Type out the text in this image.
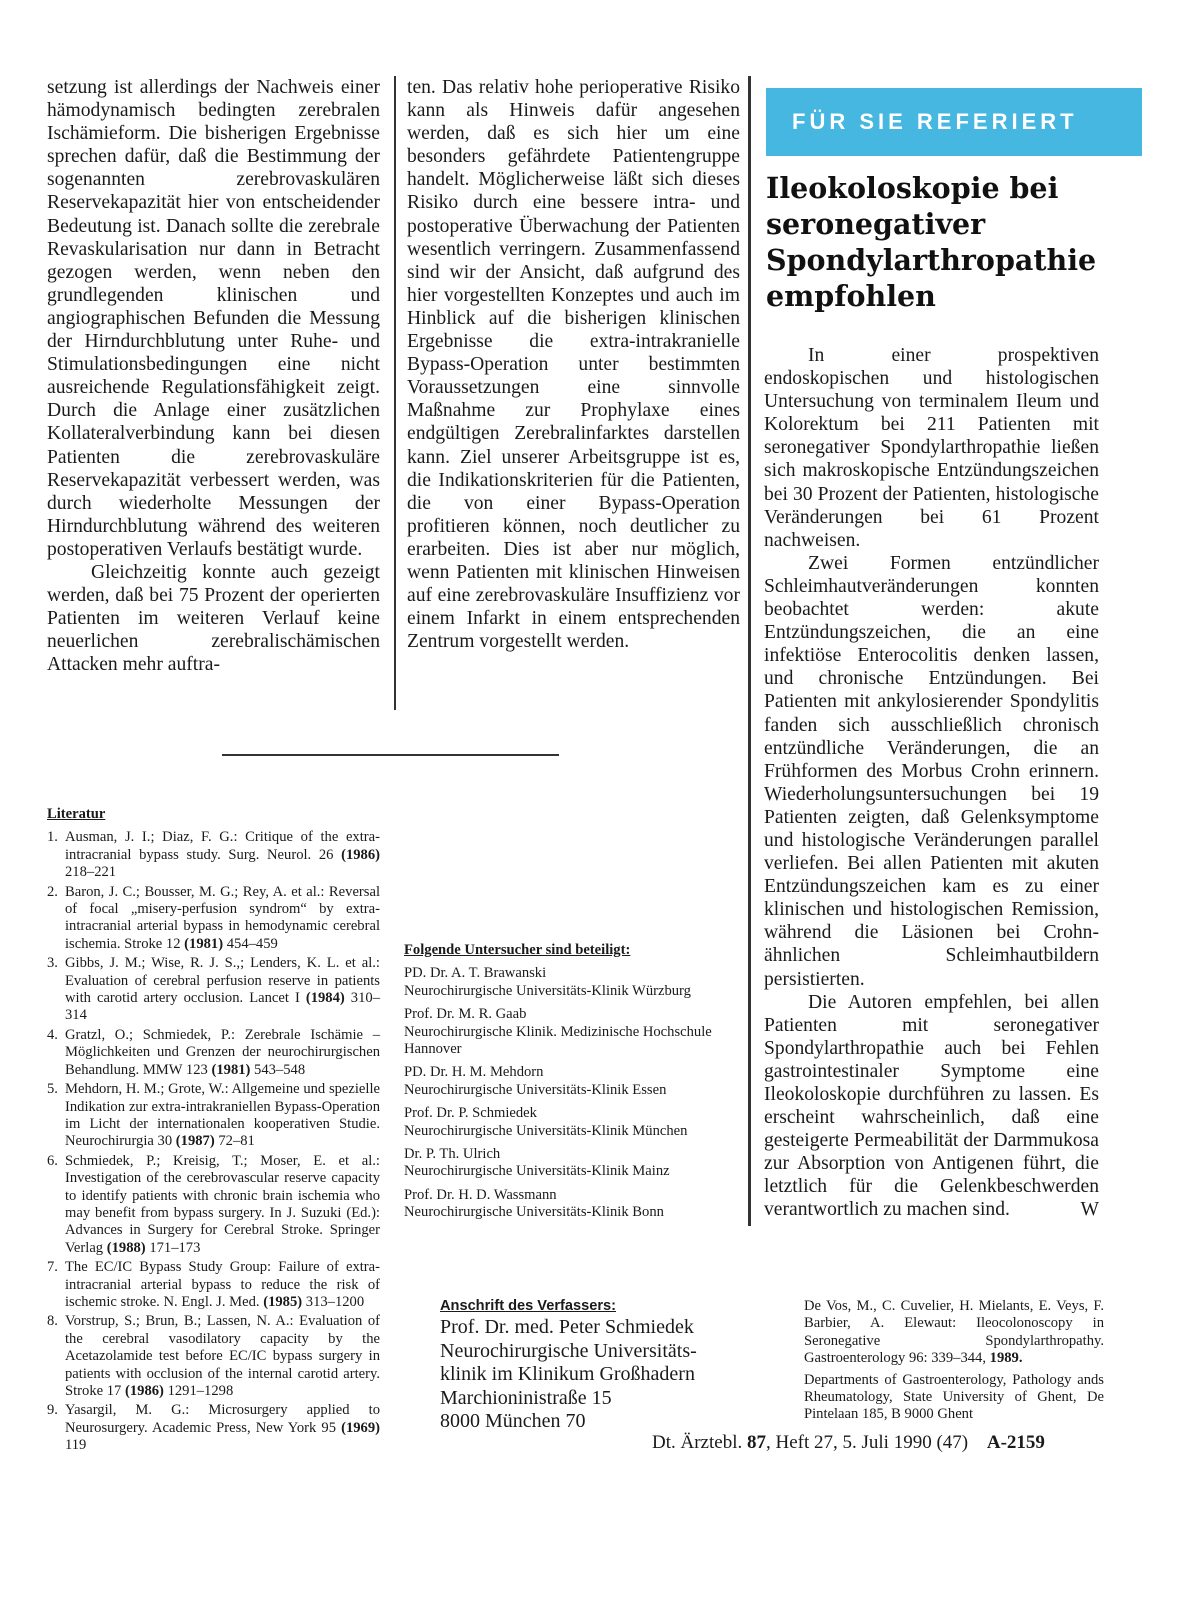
setzung ist allerdings der Nachweis einer hämodynamisch bedingten zerebralen Ischämieform. Die bisherigen Ergebnisse sprechen dafür, daß die Bestimmung der sogenannten zerebrovaskulären Reservekapazität hier von entscheidender Bedeutung ist. Danach sollte die zerebrale Revaskularisation nur dann in Betracht gezogen werden, wenn neben den grundlegenden klinischen und angiographischen Befunden die Messung der Hirndurchblutung unter Ruhe- und Stimulationsbedingungen eine nicht ausreichende Regulationsfähigkeit zeigt. Durch die Anlage einer zusätzlichen Kollateralverbindung kann bei diesen Patienten die zerebrovaskuläre Reservekapazität verbessert werden, was durch wiederholte Messungen der Hirndurchblutung während des weiteren postoperativen Verlaufs bestätigt wurde.

Gleichzeitig konnte auch gezeigt werden, daß bei 75 Prozent der operierten Patienten im weiteren Verlauf keine neuerlichen zerebralischämischen Attacken mehr auftra-

ten. Das relativ hohe perioperative Risiko kann als Hinweis dafür angesehen werden, daß es sich hier um eine besonders gefährdete Patientengruppe handelt. Möglicherweise läßt sich dieses Risiko durch eine bessere intra- und postoperative Überwachung der Patienten wesentlich verringern. Zusammenfassend sind wir der Ansicht, daß aufgrund des hier vorgestellten Konzeptes und auch im Hinblick auf die bisherigen klinischen Ergebnisse die extra-intrakranielle Bypass-Operation unter bestimmten Voraussetzungen eine sinnvolle Maßnahme zur Prophylaxe eines endgültigen Zerebralinfarktes darstellen kann. Ziel unserer Arbeitsgruppe ist es, die Indikationskriterien für die Patienten, die von einer Bypass-Operation profitieren können, noch deutlicher zu erarbeiten. Dies ist aber nur möglich, wenn Patienten mit klinischen Hinweisen auf eine zerebrovaskuläre Insuffizienz vor einem Infarkt in einem entsprechenden Zentrum vorgestellt werden.

Literatur
1.Ausman, J. I.; Diaz, F. G.: Critique of the extra-intracranial bypass study. Surg. Neurol. 26 (1986) 218–221
2.Baron, J. C.; Bousser, M. G.; Rey, A. et al.: Reversal of focal „misery-perfusion syndrom“ by extra-intracranial arterial bypass in hemodynamic cerebral ischemia. Stroke 12 (1981) 454–459
3.Gibbs, J. M.; Wise, R. J. S.,; Lenders, K. L. et al.: Evaluation of cerebral perfusion reserve in patients with carotid artery occlusion. Lancet I (1984) 310–314
4.Gratzl, O.; Schmiedek, P.: Zerebrale Ischämie – Möglichkeiten und Grenzen der neurochirurgischen Behandlung. MMW 123 (1981) 543–548
5.Mehdorn, H. M.; Grote, W.: Allgemeine und spezielle Indikation zur extra-intrakraniellen Bypass-Operation im Licht der internationalen kooperativen Studie. Neurochirurgia 30 (1987) 72–81
6.Schmiedek, P.; Kreisig, T.; Moser, E. et al.: Investigation of the cerebrovascular reserve capacity to identify patients with chronic brain ischemia who may benefit from bypass surgery. In J. Suzuki (Ed.): Advances in Surgery for Cerebral Stroke. Springer Verlag (1988) 171–173
7.The EC/IC Bypass Study Group: Failure of extra-intracranial arterial bypass to reduce the risk of ischemic stroke. N. Engl. J. Med. (1985) 313–1200
8.Vorstrup, S.; Brun, B.; Lassen, N. A.: Evaluation of the cerebral vasodilatory capacity by the Acetazolamide test before EC/IC bypass surgery in patients with occlusion of the internal carotid artery. Stroke 17 (1986) 1291–1298
9.Yasargil, M. G.: Microsurgery applied to Neurosurgery. Academic Press, New York 95 (1969) 119
Folgende Untersucher sind beteiligt:
PD. Dr. A. T. Brawanski
Neurochirurgische Universitäts-Klinik Würzburg
Prof. Dr. M. R. Gaab
Neurochirurgische Klinik. Medizinische Hochschule Hannover
PD. Dr. H. M. Mehdorn
Neurochirurgische Universitäts-Klinik Essen
Prof. Dr. P. Schmiedek
Neurochirurgische Universitäts-Klinik München
Dr. P. Th. Ulrich
Neurochirurgische Universitäts-Klinik Mainz
Prof. Dr. H. D. Wassmann
Neurochirurgische Universitäts-Klinik Bonn
Anschrift des Verfassers:
Prof. Dr. med. Peter Schmiedek
Neurochirurgische Universitäts-
klinik im Klinikum Großhadern
Marchioninistraße 15
8000 München 70
FÜR SIE REFERIERT
Ileokoloskopie bei seronegativer Spondylarthropathie empfohlen

In einer prospektiven endoskopischen und histologischen Untersuchung von terminalem Ileum und Kolorektum bei 211 Patienten mit seronegativer Spondylarthropathie ließen sich makroskopische Entzündungszeichen bei 30 Prozent der Patienten, histologische Veränderungen bei 61 Prozent nachweisen.

Zwei Formen entzündlicher Schleimhautveränderungen konnten beobachtet werden: akute Entzündungszeichen, die an eine infektiöse Enterocolitis denken lassen, und chronische Entzündungen. Bei Patienten mit ankylosierender Spondylitis fanden sich ausschließlich chronisch entzündliche Veränderungen, die an Frühformen des Morbus Crohn erinnern. Wiederholungsuntersuchungen bei 19 Patienten zeigten, daß Gelenksymptome und histologische Veränderungen parallel verliefen. Bei allen Patienten mit akuten Entzündungszeichen kam es zu einer klinischen und histologischen Remission, während die Läsionen bei Crohn-ähnlichen Schleimhautbildern persistierten.

Die Autoren empfehlen, bei allen Patienten mit seronegativer Spondylarthropathie auch bei Fehlen gastrointestinaler Symptome eine Ileokoloskopie durchführen zu lassen. Es erscheint wahrscheinlich, daß eine gesteigerte Permeabilität der Darmmukosa zur Absorption von Antigenen führt, die letztlich für die Gelenkbeschwerden verantwortlich zu machen sind.	W

De Vos, M., C. Cuvelier, H. Mielants, E. Veys, F. Barbier, A. Elewaut: Ileocolonoscopy in Seronegative Spondylarthropathy. Gastroenterology 96: 339–344, 1989.

Departments of Gastroenterology, Pathology ands Rheumatology, State University of Ghent, De Pintelaan 185, B 9000 Ghent

Dt. Ärztebl. 87, Heft 27, 5. Juli 1990 (47) A-2159
